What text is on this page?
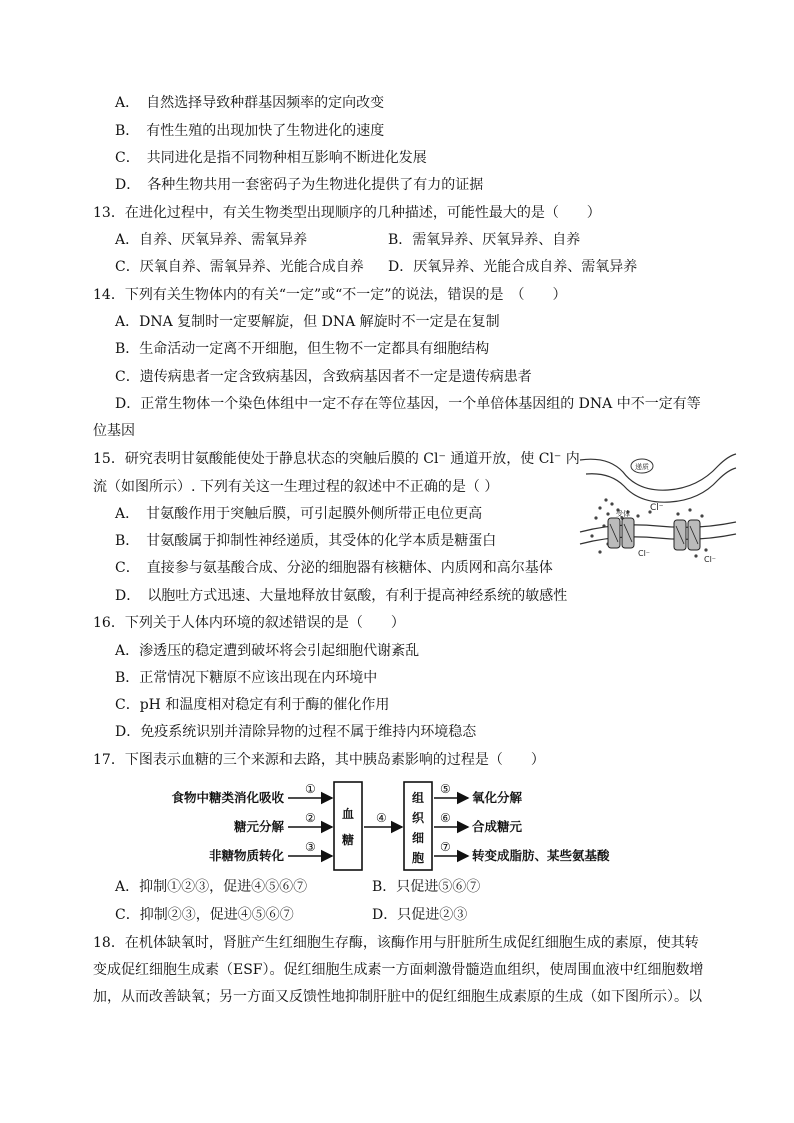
A．　自然选择导致种群基因频率的定向改变
B．　有性生殖的出现加快了生物进化的速度
C．　共同进化是指不同物种相互影响不断进化发展
D．　各种生物共用一套密码子为生物进化提供了有力的证据
13．在进化过程中，有关生物类型出现顺序的几种描述，可能性最大的是（　　）
A．自养、厌氧异养、需氧异养	B．需氧异养、厌氧异养、自养
C．厌氧自养、需氧异养、光能合成自养 D．厌氧异养、光能合成自养、需氧异养
14．下列有关生物体内的有关“一定”或“不一定”的说法，错误的是　（　　）
A．DNA 复制时一定要解旋，但 DNA 解旋时不一定是在复制
B．生命活动一定离不开细胞，但生物不一定都具有细胞结构
C．遗传病患者一定含致病基因，含致病基因者不一定是遗传病患者
D．正常生物体一个染色体组中一定不存在等位基因，一个单倍体基因组的 DNA 中不一定有等
位基因
15．研究表明甘氨酸能使处于静息状态的突触后膜的 Cl⁻ 通道开放，使 Cl⁻ 内
流（如图所示）. 下列有关这一生理过程的叙述中不正确的是（ ）
A．　甘氨酸作用于突触后膜，可引起膜外侧所带正电位更高
B．　甘氨酸属于抑制性神经递质，其受体的化学本质是糖蛋白
C．　直接参与氨基酸合成、分泌的细胞器有核糖体、内质网和高尔基体
D．　以胞吐方式迅速、大量地释放甘氨酸，有利于提高神经系统的敏感性
递质
Cl⁻
受体
Cl⁻
Cl⁻
16．下列关于人体内环境的叙述错误的是（　　）
A．渗透压的稳定遭到破坏将会引起细胞代谢紊乱
B．正常情况下糖原不应该出现在内环境中
C．pH 和温度相对稳定有利于酶的催化作用
D．免疫系统识别并清除异物的过程不属于维持内环境稳态
17．下图表示血糖的三个来源和去路，其中胰岛素影响的过程是（　　）
食物中糖类消化吸收
糖元分解
非糖物质转化
①
②
③
血
糖
④
组
织
细
胞
⑤
⑥
⑦
氧化分解
合成糖元
转变成脂肪、某些氨基酸
A．抑制①②③，促进④⑤⑥⑦	B．只促进⑤⑥⑦
C．抑制②③，促进④⑤⑥⑦	D．只促进②③
18．在机体缺氧时，肾脏产生红细胞生存酶，该酶作用与肝脏所生成促红细胞生成的素原，使其转
变成促红细胞生成素（ESF）。促红细胞生成素一方面刺激骨髓造血组织，使周围血液中红细胞数增
加，从而改善缺氧；另一方面又反馈性地抑制肝脏中的促红细胞生成素原的生成（如下图所示）。以
